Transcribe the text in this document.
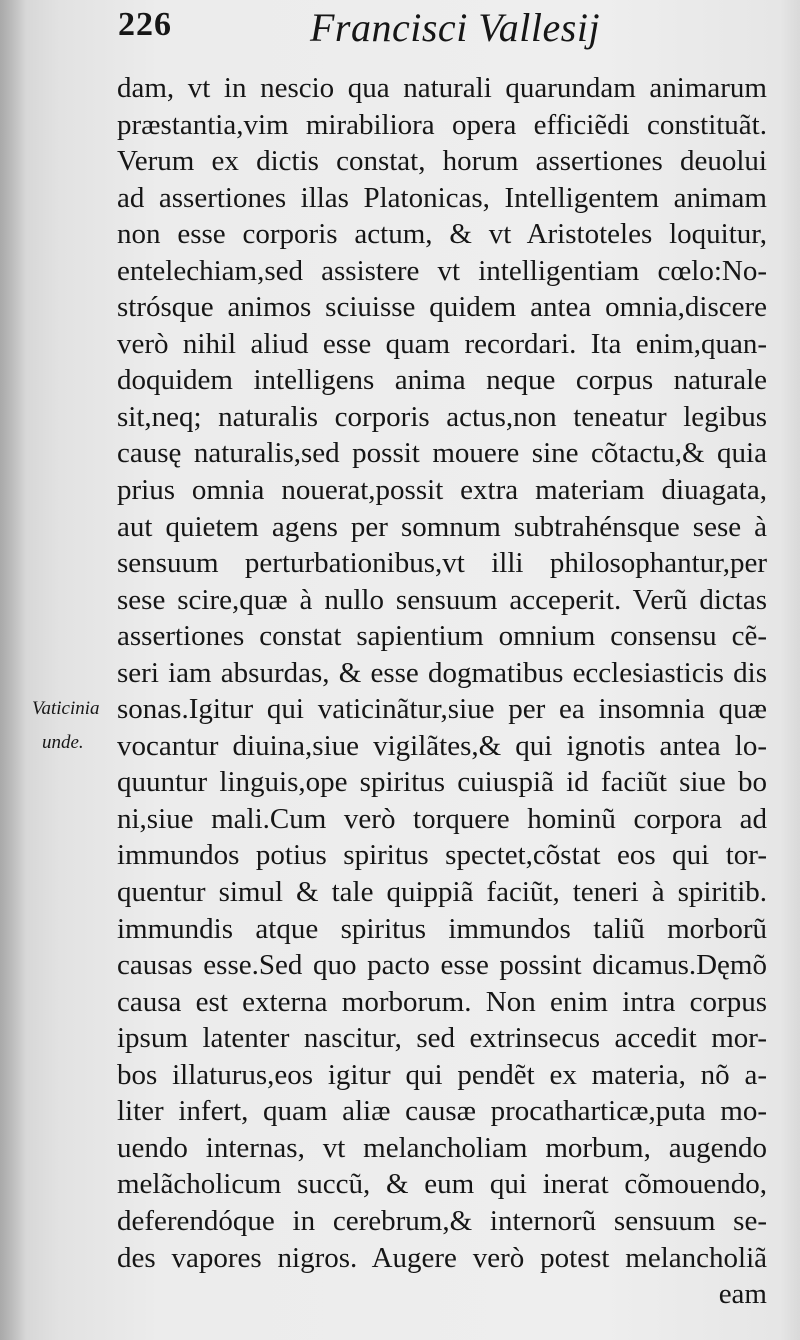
226	Francisci Vallesij
Vaticinia
unde.
dam, vt in nescio qua naturali quarundam animarum
præstantia,vim mirabiliora opera efficiẽdi constituãt.
Verum ex dictis constat, horum assertiones deuolui
ad assertiones illas Platonicas, Intelligentem animam
non esse corporis actum, & vt Aristoteles loquitur,
entelechiam,sed assistere vt intelligentiam cœlo:No-
strósque animos sciuisse quidem antea omnia,discere
verò nihil aliud esse quam recordari. Ita enim,quan-
doquidem intelligens anima neque corpus naturale
sit,neq; naturalis corporis actus,non teneatur legibus
causę naturalis,sed possit mouere sine cõtactu,& quia
prius omnia nouerat,possit extra materiam diuagata,
aut quietem agens per somnum subtrahénsque sese à
sensuum perturbationibus,vt illi philosophantur,per
sese scire,quæ à nullo sensuum acceperit. Verũ dictas
assertiones constat sapientium omnium consensu cẽ-
seri iam absurdas, & esse dogmatibus ecclesiasticis dis
sonas.Igitur qui vaticinãtur,siue per ea insomnia quæ
vocantur diuina,siue vigilãtes,& qui ignotis antea lo-
quuntur linguis,ope spiritus cuiuspiã id faciũt siue bo
ni,siue mali.Cum verò torquere hominũ corpora ad
immundos potius spiritus spectet,cõstat eos qui tor-
quentur simul & tale quippiã faciũt, teneri à spiritib.
immundis atque spiritus immundos taliũ morborũ
causas esse.Sed quo pacto esse possint dicamus.Dęmõ
causa est externa morborum. Non enim intra corpus
ipsum latenter nascitur, sed extrinsecus accedit mor-
bos illaturus,eos igitur qui pendẽt ex materia, nõ a-
liter infert, quam aliæ causæ procatharticæ,puta mo-
uendo internas, vt melancholiam morbum, augendo
melãcholicum succũ, & eum qui inerat cõmouendo,
deferendóque in cerebrum,& internorũ sensuum se-
des vapores nigros. Augere verò potest melancholiã
eam
